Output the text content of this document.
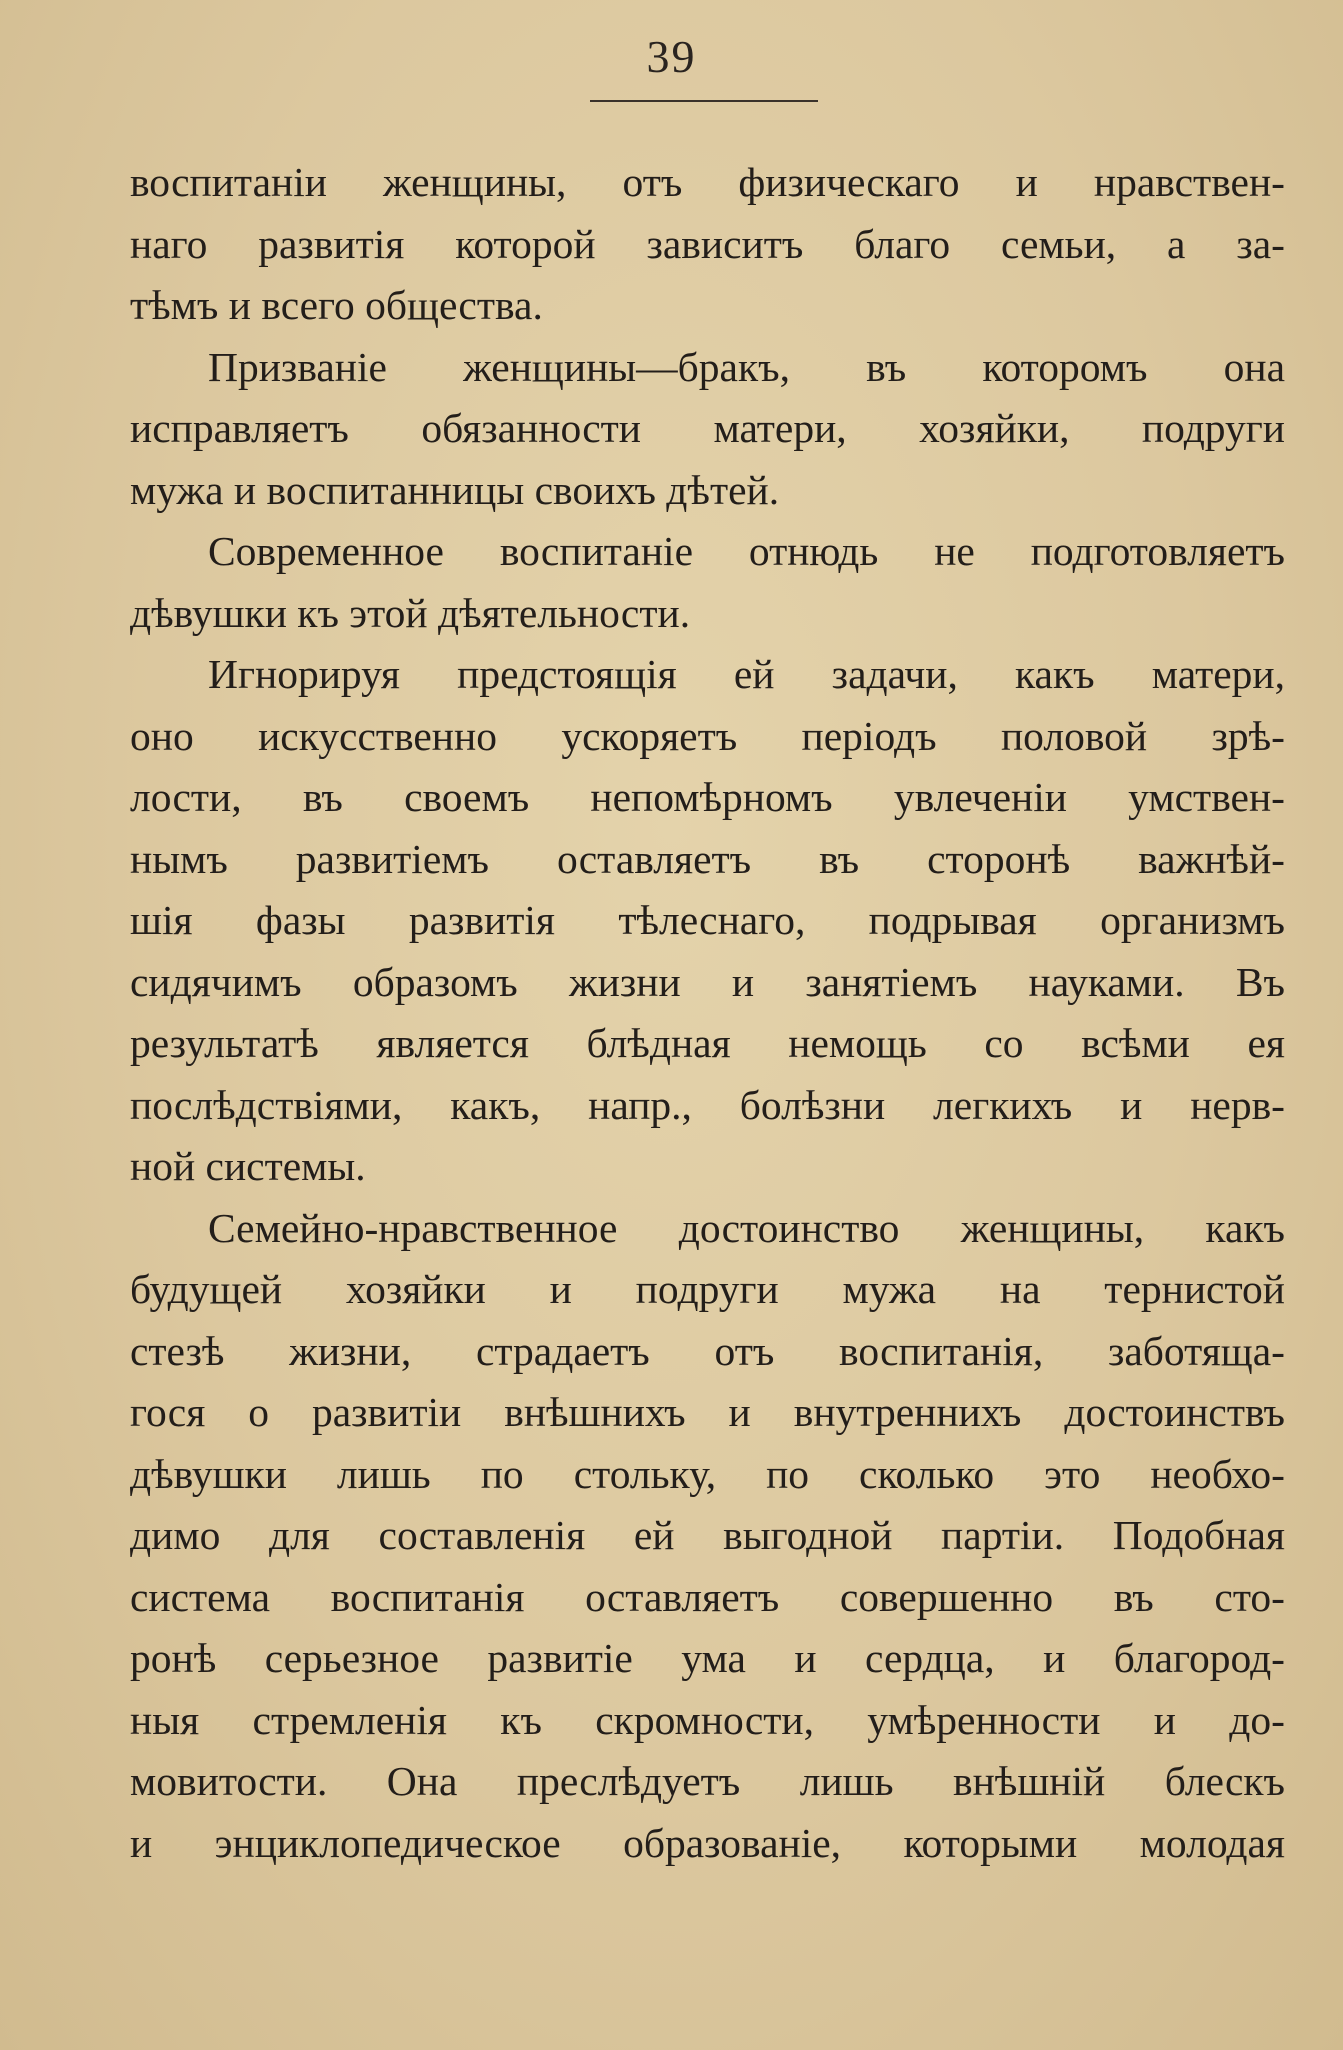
39
воспитанiи женщины, отъ физическаго и нравствен-
наго развитiя которой зависитъ благо семьи, а за-
тѣмъ и всего общества.
Призванiе женщины—бракъ, въ которомъ она
исправляетъ обязанности матери, хозяйки, подруги
мужа и воспитанницы своихъ дѣтей.
Современное воспитанiе отнюдь не подготовляетъ
дѣвушки къ этой дѣятельности.
Игнорируя предстоящiя ей задачи, какъ матери,
оно искусственно ускоряетъ перiодъ половой зрѣ-
лости, въ своемъ непомѣрномъ увлеченiи умствен-
нымъ развитiемъ оставляетъ въ сторонѣ важнѣй-
шiя фазы развитiя тѣлеснаго, подрывая организмъ
сидячимъ образомъ жизни и занятiемъ науками. Въ
результатѣ является блѣдная немощь со всѣми ея
послѣдствiями, какъ, напр., болѣзни легкихъ и нерв-
ной системы.
Семейно-нравственное достоинство женщины, какъ
будущей хозяйки и подруги мужа на тернистой
стезѣ жизни, страдаетъ отъ воспитанiя, заботяща-
гося о развитiи внѣшнихъ и внутреннихъ достоинствъ
дѣвушки лишь по стольку, по сколько это необхо-
димо для составленiя ей выгодной партiи. Подобная
система воспитанiя оставляетъ совершенно въ сто-
ронѣ серьезное развитiе ума и сердца, и благород-
ныя стремленiя къ скромности, умѣренности и до-
мовитости. Она преслѣдуетъ лишь внѣшнiй блескъ
и энциклопедическое образованiе, которыми молодая
